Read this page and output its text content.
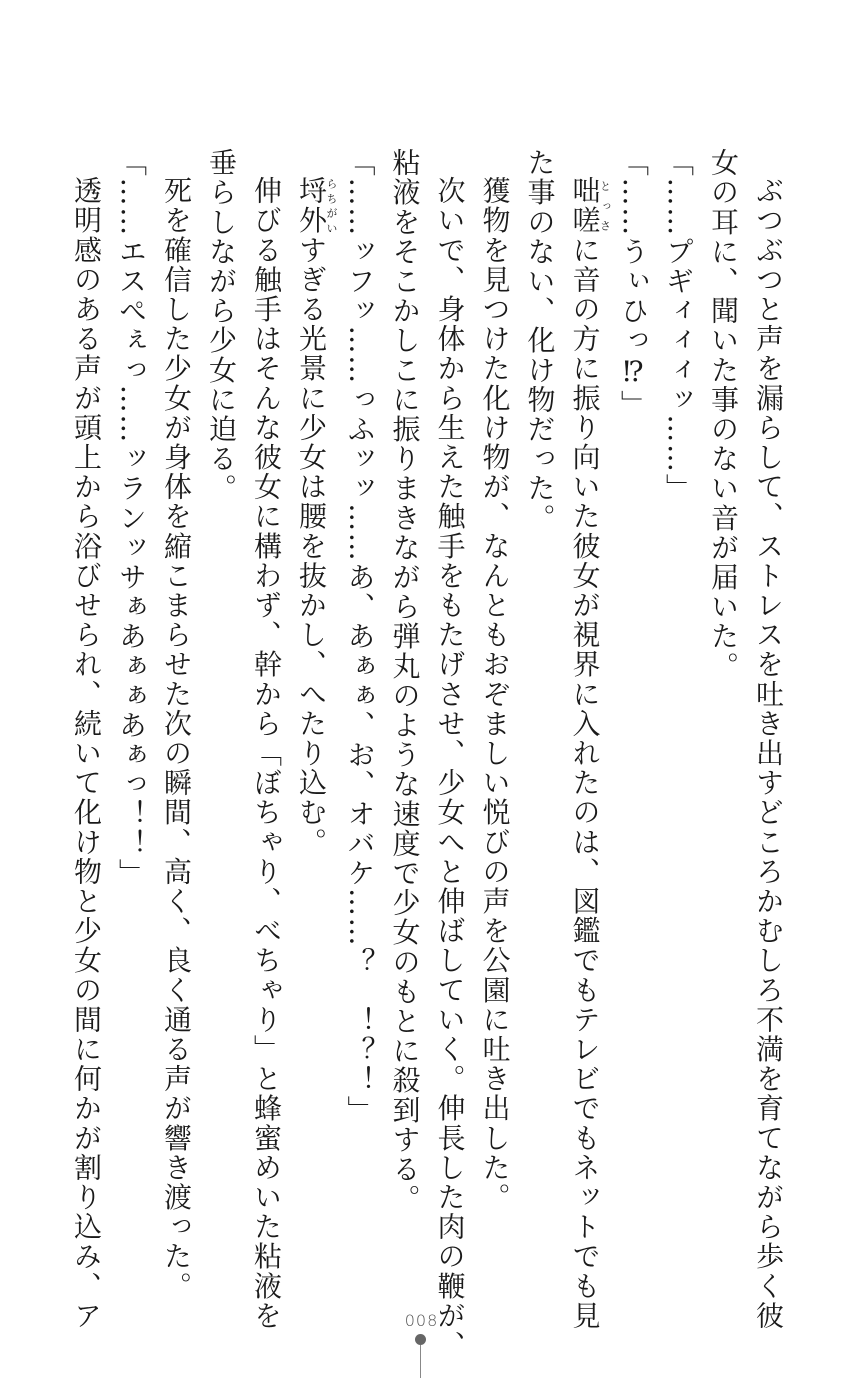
ぶつぶつと声を漏らして、ストレスを吐き出すどころかむしろ不満を育てながら歩く彼
女の耳に、聞いた事のない音が届いた。
「……プギィィィッ……」
「……うぃひっ⁉」
咄嗟とっさに音の方に振り向いた彼女が視界に入れたのは、図鑑でもテレビでもネットでも見
た事のない、化け物だった。
獲物を見つけた化け物が、なんともおぞましい悦びの声を公園に吐き出した。
次いで、身体から生えた触手をもたげさせ、少女へと伸ばしていく。伸長した肉の鞭が、
粘液をそこかしこに振りまきながら弾丸のような速度で少女のもとに殺到する。
「……ッフッ……っふッッ……あ、あぁぁ、お、オバケ……？　！？！」
埒外らちがいすぎる光景に少女は腰を抜かし、へたり込む。
伸びる触手はそんな彼女に構わず、幹から「ぼちゃり、べちゃり」と蜂蜜めいた粘液を
垂らしながら少女に迫る。
死を確信した少女が身体を縮こまらせた次の瞬間、高く、良く通る声が響き渡った。
「……エスぺぇっ……ッランッサぁあぁぁあぁっ！！」
透明感のある声が頭上から浴びせられ、続いて化け物と少女の間に何かが割り込み、ア	008
